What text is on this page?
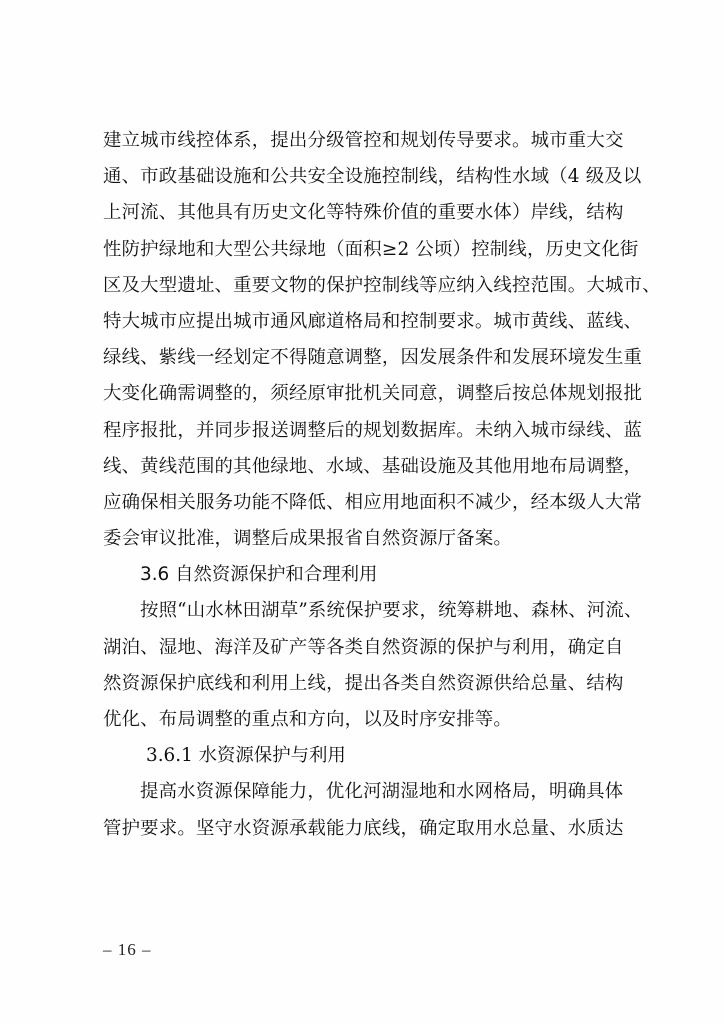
建立城市线控体系，提出分级管控和规划传导要求。城市重大交
通、市政基础设施和公共安全设施控制线，结构性水域（4 级及以
上河流、其他具有历史文化等特殊价值的重要水体）岸线，结构
性防护绿地和大型公共绿地（面积≥2 公顷）控制线，历史文化街
区及大型遗址、重要文物的保护控制线等应纳入线控范围。大城市、
特大城市应提出城市通风廊道格局和控制要求。城市黄线、蓝线、
绿线、紫线一经划定不得随意调整，因发展条件和发展环境发生重
大变化确需调整的，须经原审批机关同意，调整后按总体规划报批
程序报批，并同步报送调整后的规划数据库。未纳入城市绿线、蓝
线、黄线范围的其他绿地、水域、基础设施及其他用地布局调整，
应确保相关服务功能不降低、相应用地面积不减少，经本级人大常
委会审议批准，调整后成果报省自然资源厅备案。
3.6 自然资源保护和合理利用
按照“山水林田湖草”系统保护要求，统筹耕地、森林、河流、
湖泊、湿地、海洋及矿产等各类自然资源的保护与利用，确定自
然资源保护底线和利用上线，提出各类自然资源供给总量、结构
优化、布局调整的重点和方向，以及时序安排等。
3.6.1 水资源保护与利用
提高水资源保障能力，优化河湖湿地和水网格局，明确具体
管护要求。坚守水资源承载能力底线，确定取用水总量、水质达
– 16 –
